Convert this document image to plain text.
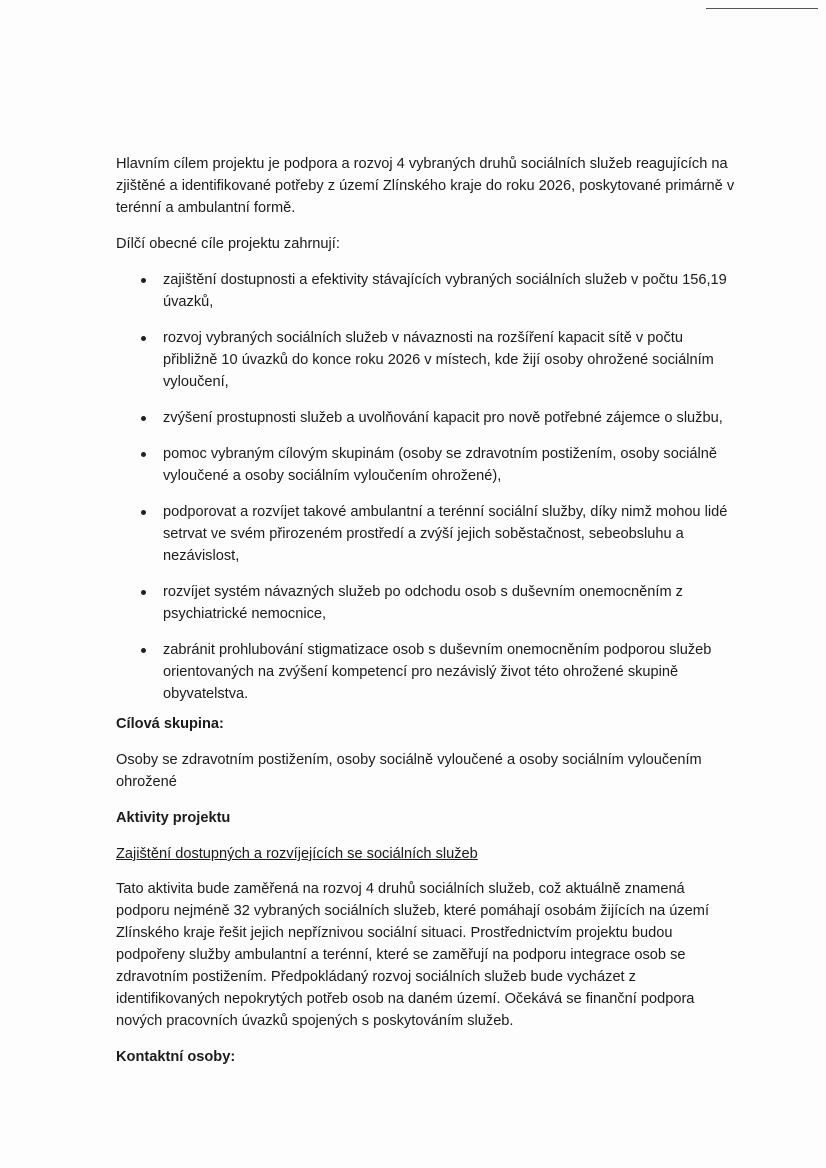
Hlavním cílem projektu je podpora a rozvoj 4 vybraných druhů sociálních služeb reagujících na zjištěné a identifikované potřeby z území Zlínského kraje do roku 2026, poskytované primárně v terénní a ambulantní formě.

Dílčí obecné cíle projektu zahrnují:

zajištění dostupnosti a efektivity stávajících vybraných sociálních služeb v počtu 156,19 úvazků,
rozvoj vybraných sociálních služeb v návaznosti na rozšíření kapacit sítě v počtu přibližně 10 úvazků do konce roku 2026 v místech, kde žijí osoby ohrožené sociálním vyloučení,
zvýšení prostupnosti služeb a uvolňování kapacit pro nově potřebné zájemce o službu,
pomoc vybraným cílovým skupinám (osoby se zdravotním postižením, osoby sociálně vyloučené a osoby sociálním vyloučením ohrožené),
podporovat a rozvíjet takové ambulantní a terénní sociální služby, díky nimž mohou lidé setrvat ve svém přirozeném prostředí a zvýší jejich soběstačnost, sebeobsluhu a nezávislost,
rozvíjet systém návazných služeb po odchodu osob s duševním onemocněním z psychiatrické nemocnice,
zabránit prohlubování stigmatizace osob s duševním onemocněním podporou služeb orientovaných na zvýšení kompetencí pro nezávislý život této ohrožené skupině obyvatelstva.

Cílová skupina:

Osoby se zdravotním postižením, osoby sociálně vyloučené a osoby sociálním vyloučením ohrožené

Aktivity projektu

Zajištění dostupných a rozvíjejících se sociálních služeb

Tato aktivita bude zaměřená na rozvoj 4 druhů sociálních služeb, což aktuálně znamená podporu nejméně 32 vybraných sociálních služeb, které pomáhají osobám žijících na území Zlínského kraje řešit jejich nepříznivou sociální situaci. Prostřednictvím projektu budou podpořeny služby ambulantní a terénní, které se zaměřují na podporu integrace osob se zdravotním postižením. Předpokládaný rozvoj sociálních služeb bude vycházet z identifikovaných nepokrytých potřeb osob na daném území. Očekává se finanční podpora nových pracovních úvazků spojených s poskytováním služeb.

Kontaktní osoby:
